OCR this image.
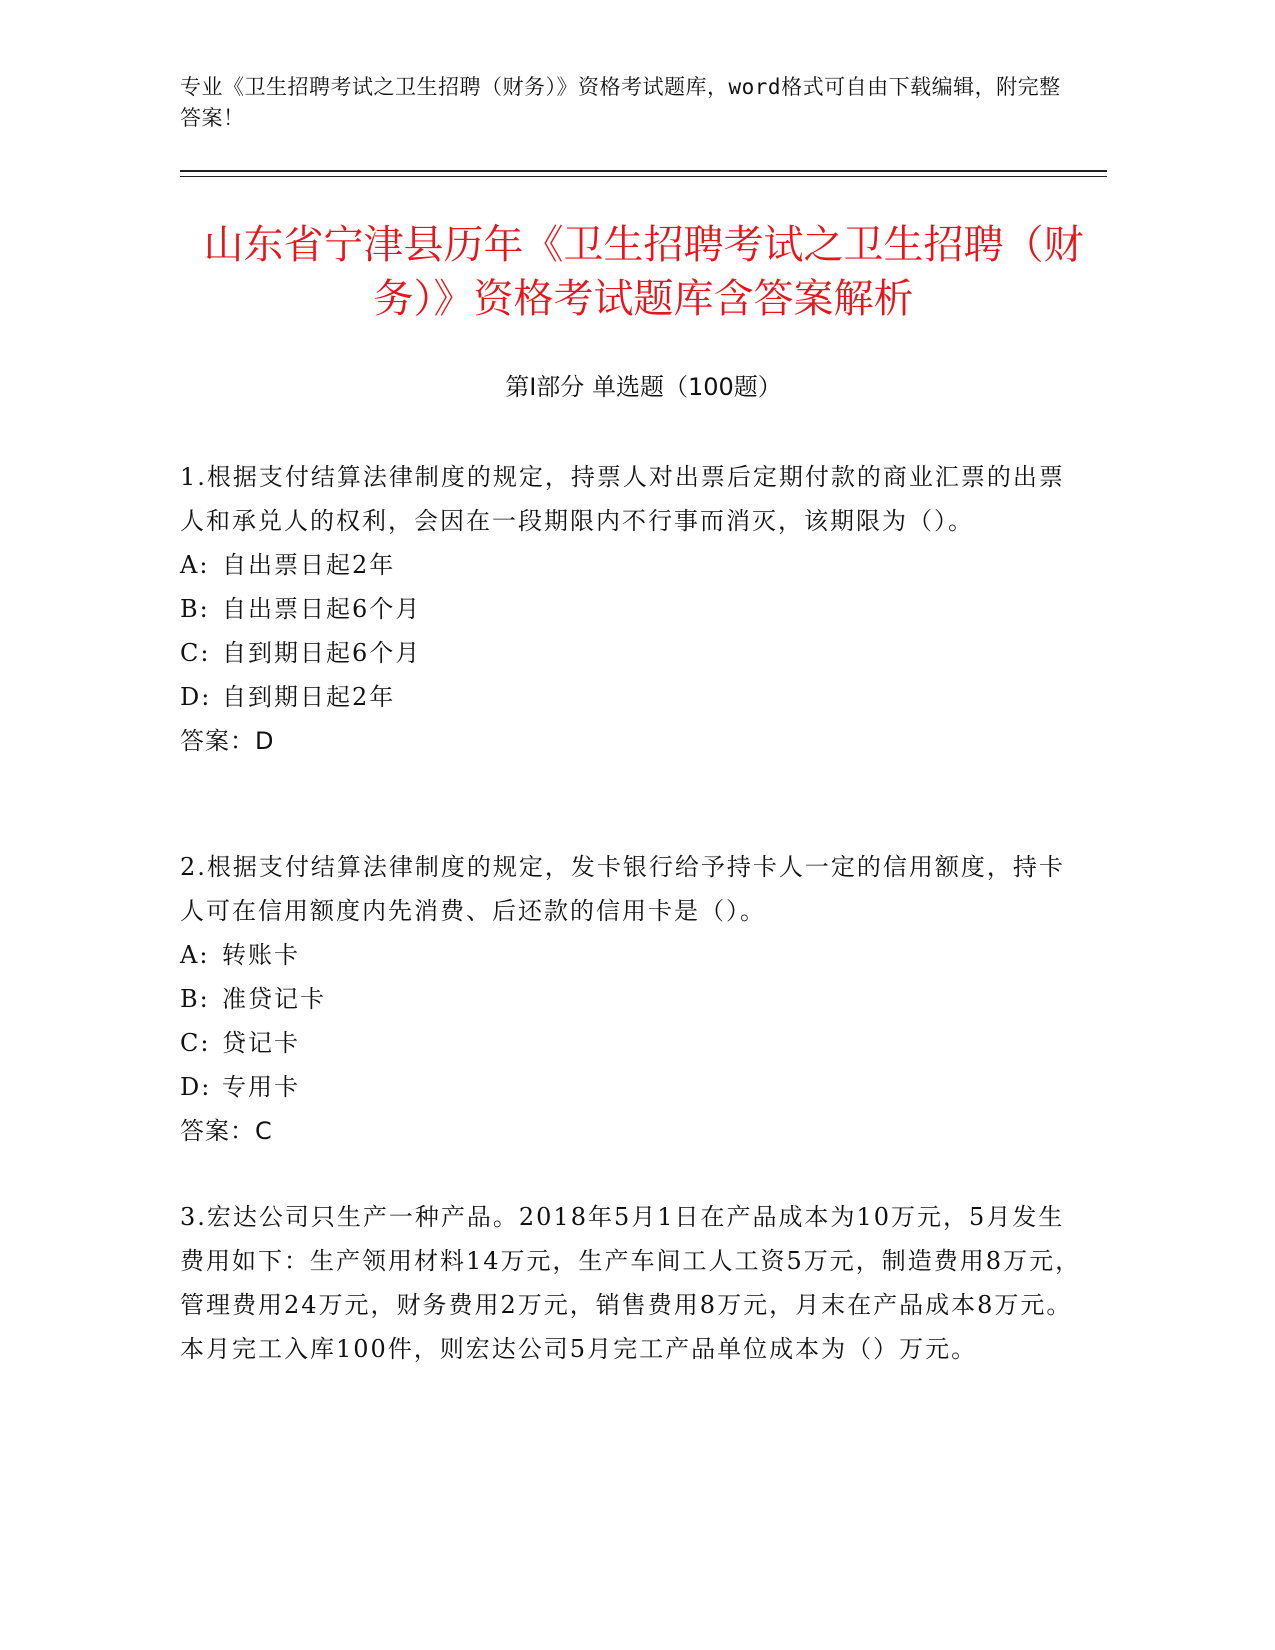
专业《卫生招聘考试之卫生招聘（财务）》资格考试题库，word格式可自由下载编辑，附完整答案！
山东省宁津县历年《卫生招聘考试之卫生招聘（财务）》资格考试题库含答案解析
第Ⅰ部分 单选题（100题）

1.根据支付结算法律制度的规定，持票人对出票后定期付款的商业汇票的出票人和承兑人的权利，会因在一段期限内不行事而消灭，该期限为（）。

A: 自出票日起2年

B: 自出票日起6个月

C: 自到期日起6个月

D: 自到期日起2年

答案：D

2.根据支付结算法律制度的规定，发卡银行给予持卡人一定的信用额度，持卡人可在信用额度内先消费、后还款的信用卡是（）。

A: 转账卡

B: 准贷记卡

C: 贷记卡

D: 专用卡

答案：C

3.宏达公司只生产一种产品。2018年5月1日在产品成本为10万元，5月发生费用如下：生产领用材料14万元，生产车间工人工资5万元，制造费用8万元，管理费用24万元，财务费用2万元，销售费用8万元，月末在产品成本8万元。本月完工入库100件，则宏达公司5月完工产品单位成本为（）万元。
